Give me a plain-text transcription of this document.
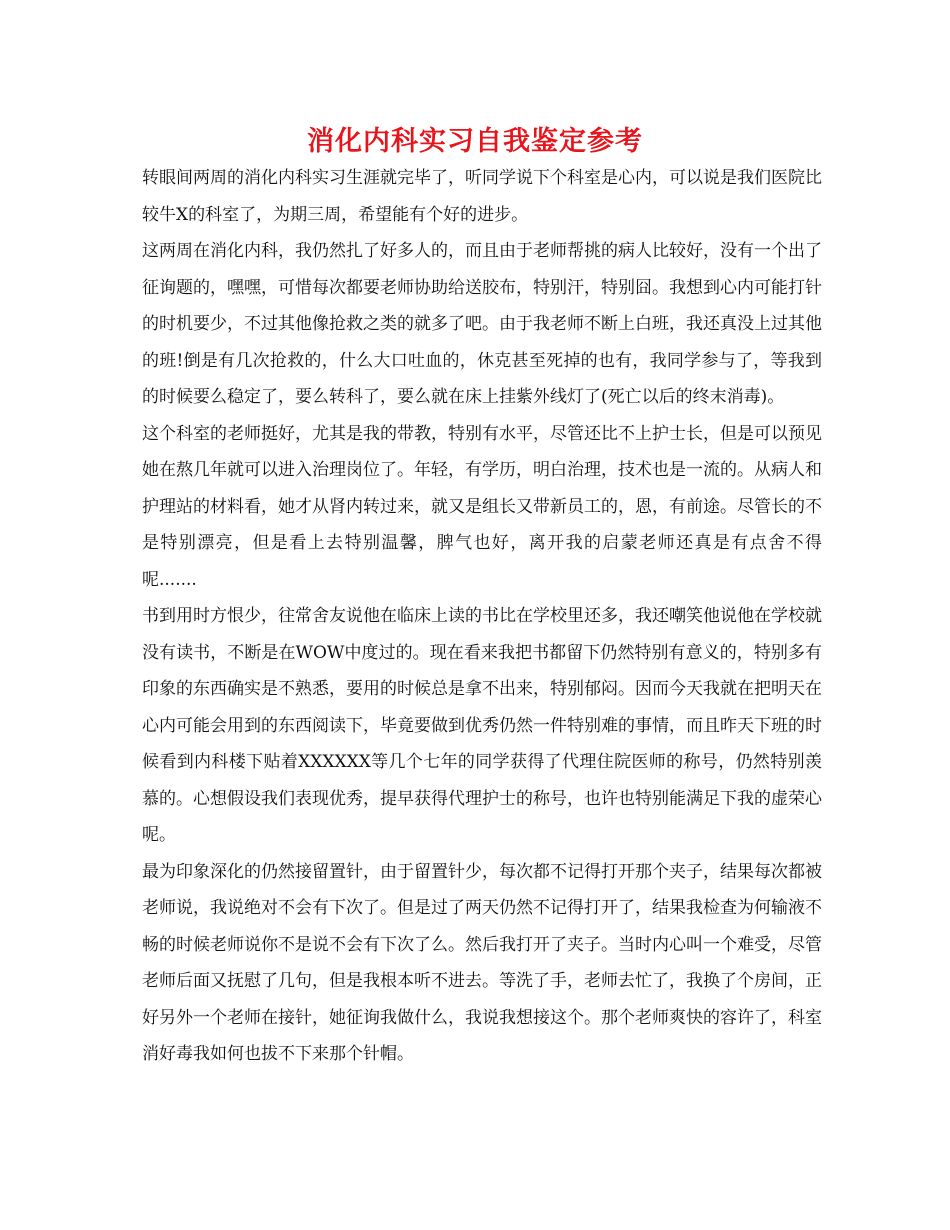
消化内科实习自我鉴定参考

转眼间两周的消化内科实习生涯就完毕了，听同学说下个科室是心内，可以说是我们医院比较牛X的科室了，为期三周，希望能有个好的进步。

这两周在消化内科，我仍然扎了好多人的，而且由于老师帮挑的病人比较好，没有一个出了征询题的，嘿嘿，可惜每次都要老师协助给送胶布，特别汗，特别囧。我想到心内可能打针的时机要少，不过其他像抢救之类的就多了吧。由于我老师不断上白班，我还真没上过其他的班!倒是有几次抢救的，什么大口吐血的，休克甚至死掉的也有，我同学参与了，等我到的时候要么稳定了，要么转科了，要么就在床上挂紫外线灯了(死亡以后的终末消毒)。

这个科室的老师挺好，尤其是我的带教，特别有水平，尽管还比不上护士长，但是可以预见她在熬几年就可以进入治理岗位了。年轻，有学历，明白治理，技术也是一流的。从病人和护理站的材料看，她才从肾内转过来，就又是组长又带新员工的，恩，有前途。尽管长的不是特别漂亮，但是看上去特别温馨，脾气也好，离开我的启蒙老师还真是有点舍不得呢.......

书到用时方恨少，往常舍友说他在临床上读的书比在学校里还多，我还嘲笑他说他在学校就没有读书，不断是在WOW中度过的。现在看来我把书都留下仍然特别有意义的，特别多有印象的东西确实是不熟悉，要用的时候总是拿不出来，特别郁闷。因而今天我就在把明天在心内可能会用到的东西阅读下，毕竟要做到优秀仍然一件特别难的事情，而且昨天下班的时候看到内科楼下贴着XXXXXX等几个七年的同学获得了代理住院医师的称号，仍然特别羡慕的。心想假设我们表现优秀，提早获得代理护士的称号，也许也特别能满足下我的虚荣心呢。

最为印象深化的仍然接留置针，由于留置针少，每次都不记得打开那个夹子，结果每次都被老师说，我说绝对不会有下次了。但是过了两天仍然不记得打开了，结果我检查为何输液不畅的时候老师说你不是说不会有下次了么。然后我打开了夹子。当时内心叫一个难受，尽管老师后面又抚慰了几句，但是我根本听不进去。等洗了手，老师去忙了，我换了个房间，正好另外一个老师在接针，她征询我做什么，我说我想接这个。那个老师爽快的容许了，科室消好毒我如何也拔不下来那个针帽。
